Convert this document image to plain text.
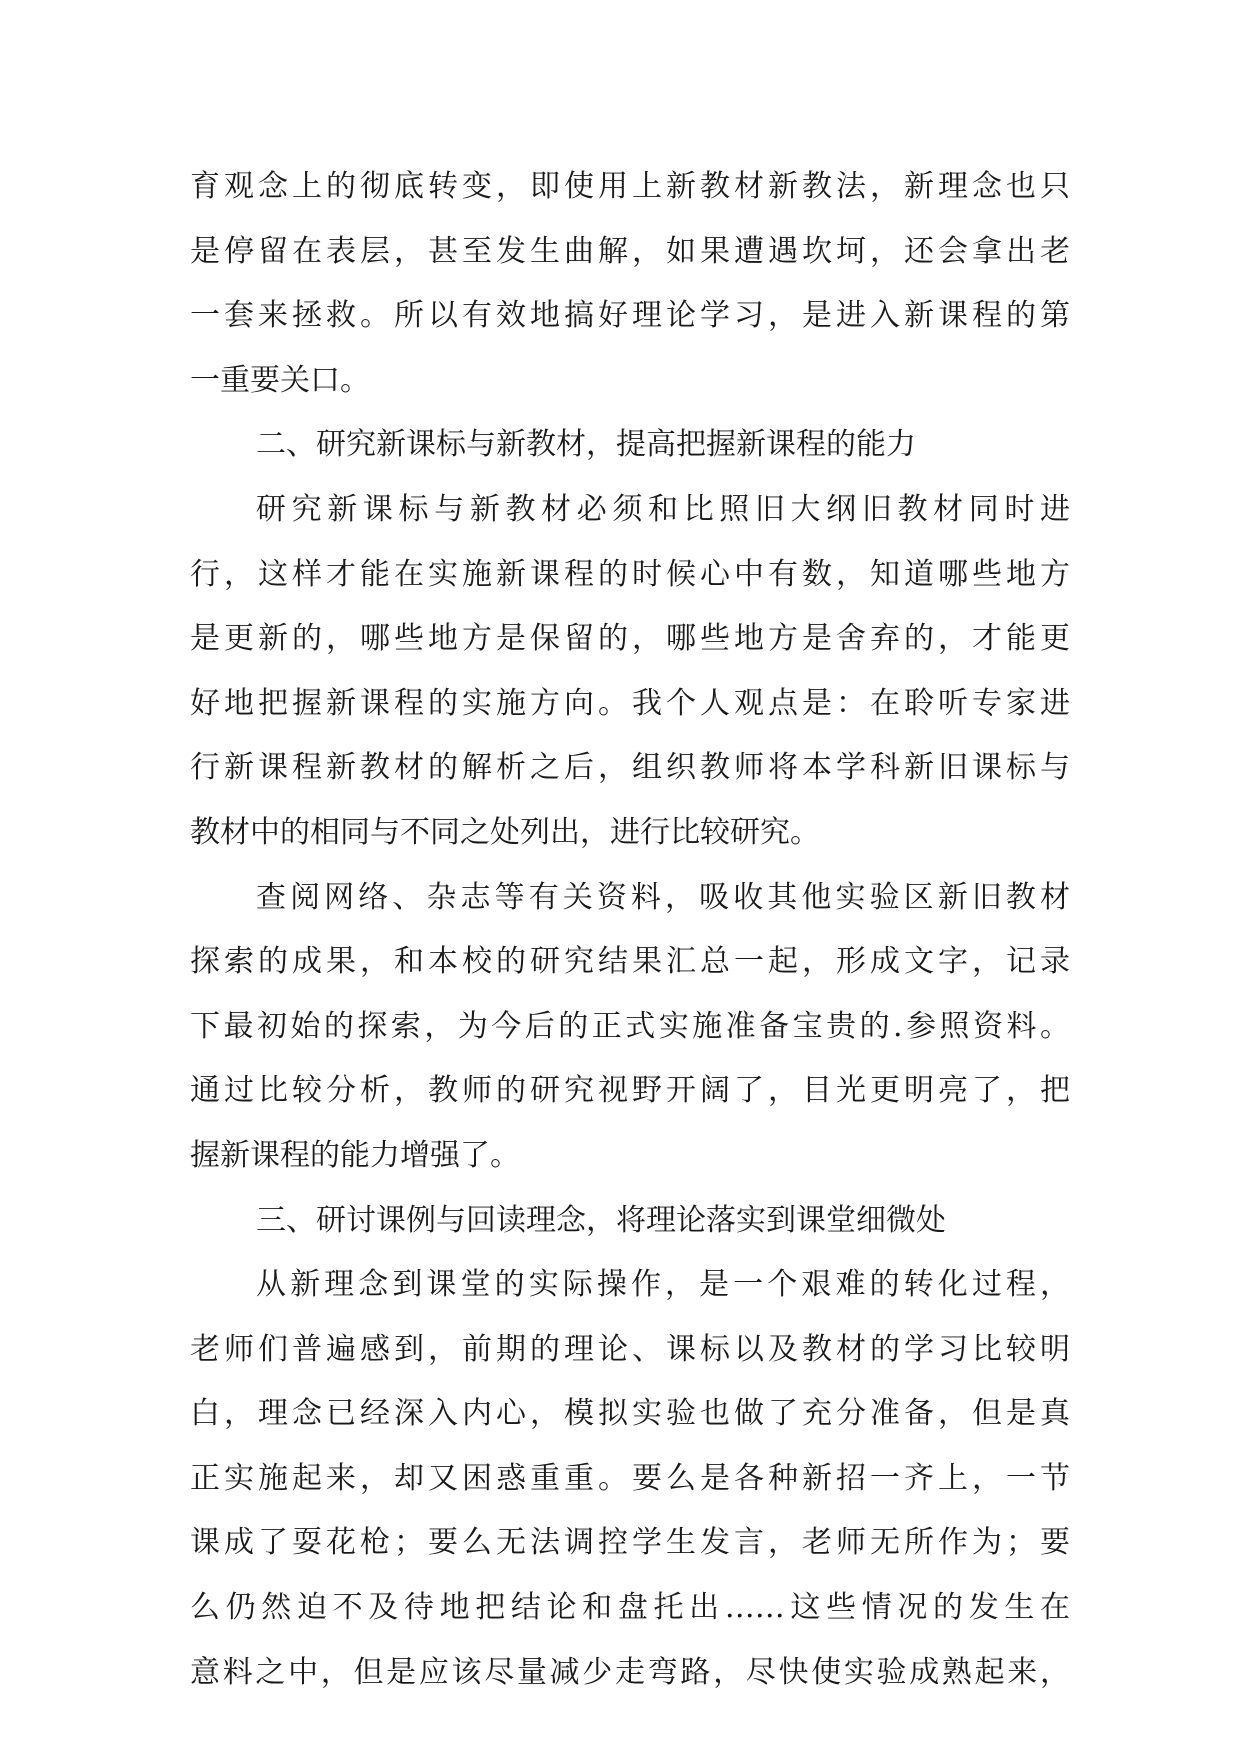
育观念上的彻底转变，即使用上新教材新教法，新理念也只
是停留在表层，甚至发生曲解，如果遭遇坎坷，还会拿出老
一套来拯救。所以有效地搞好理论学习，是进入新课程的第
一重要关口。
二、研究新课标与新教材，提高把握新课程的能力
研究新课标与新教材必须和比照旧大纲旧教材同时进
行，这样才能在实施新课程的时候心中有数，知道哪些地方
是更新的，哪些地方是保留的，哪些地方是舍弃的，才能更
好地把握新课程的实施方向。我个人观点是：在聆听专家进
行新课程新教材的解析之后，组织教师将本学科新旧课标与
教材中的相同与不同之处列出，进行比较研究。
查阅网络、杂志等有关资料，吸收其他实验区新旧教材
探索的成果，和本校的研究结果汇总一起，形成文字，记录
下最初始的探索，为今后的正式实施准备宝贵的.参照资料。
通过比较分析，教师的研究视野开阔了，目光更明亮了，把
握新课程的能力增强了。
三、研讨课例与回读理念，将理论落实到课堂细微处
从新理念到课堂的实际操作，是一个艰难的转化过程，
老师们普遍感到，前期的理论、课标以及教材的学习比较明
白，理念已经深入内心，模拟实验也做了充分准备，但是真
正实施起来，却又困惑重重。要么是各种新招一齐上，一节
课成了耍花枪；要么无法调控学生发言，老师无所作为；要
么仍然迫不及待地把结论和盘托出……这些情况的发生在
意料之中，但是应该尽量减少走弯路，尽快使实验成熟起来，
